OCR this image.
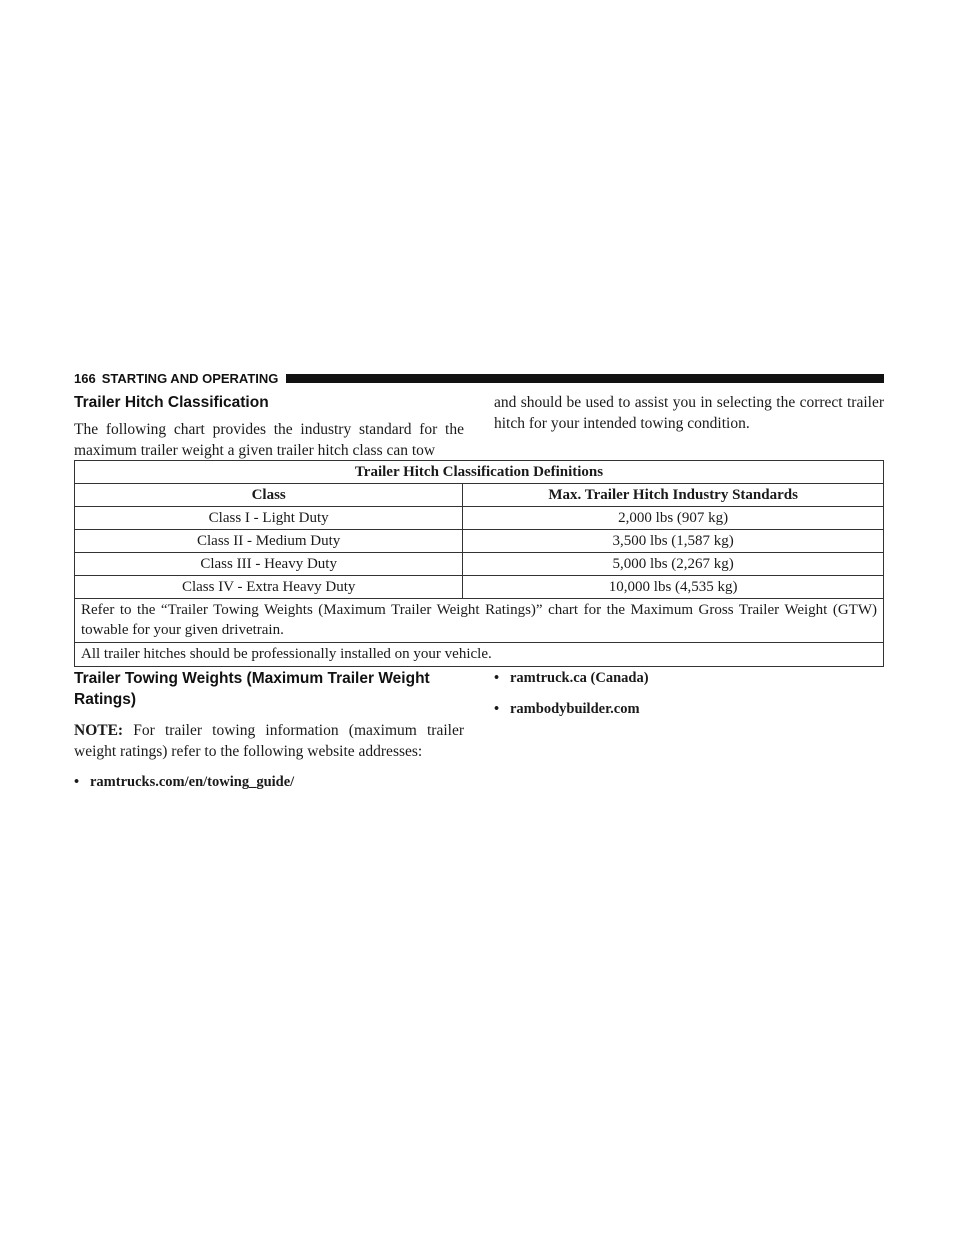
166 STARTING AND OPERATING
Trailer Hitch Classification

The following chart provides the industry standard for the maximum trailer weight a given trailer hitch class can tow

and should be used to assist you in selecting the correct trailer hitch for your intended towing condition.

Trailer Hitch Classification Definitions	
Class	Max. Trailer Hitch Industry Standards
Class I - Light Duty	2,000 lbs (907 kg)
Class II - Medium Duty	3,500 lbs (1,587 kg)
Class III - Heavy Duty	5,000 lbs (2,267 kg)
Class IV - Extra Heavy Duty	10,000 lbs (4,535 kg)
Refer to the “Trailer Towing Weights (Maximum Trailer Weight Ratings)” chart for the Maximum Gross Trailer Weight (GTW) towable for your given drivetrain.	
All trailer hitches should be professionally installed on your vehicle.	
Trailer Towing Weights (Maximum Trailer Weight Ratings)

NOTE: For trailer towing information (maximum trailer weight ratings) refer to the following website addresses:

• ramtrucks.com/en/towing_guide/
• ramtruck.ca (Canada)
• rambodybuilder.com
